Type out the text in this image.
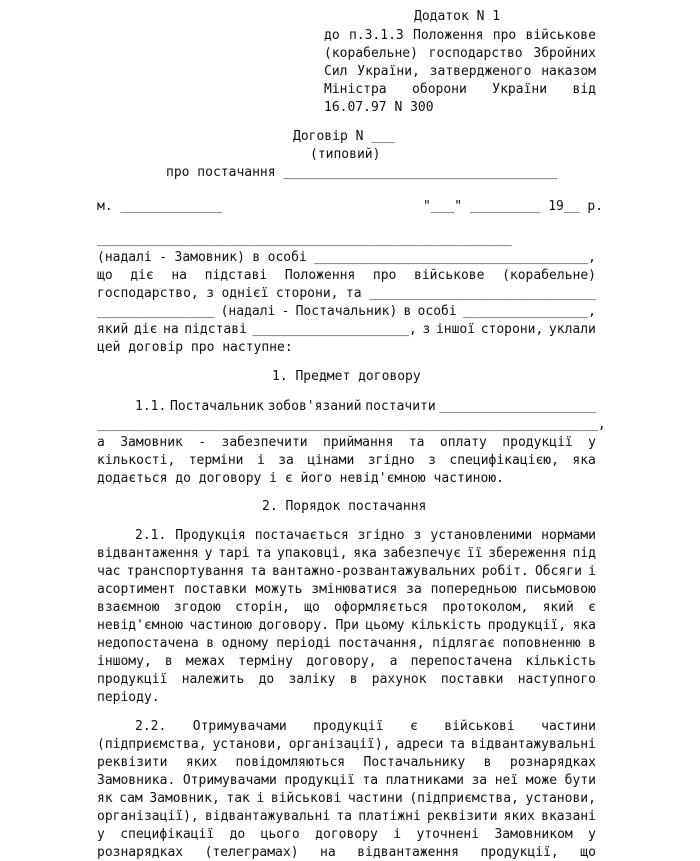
Додаток N 1
до п.3.1.3 Положення про військове
(корабельне) господарство Збройних
Сил України, затвердженого наказом
Міністра оборони України від
16.07.97 N 300
Договір N ___
(типовий)
про постачання ___________________________________
м. _____________	"___" _________ 19__ р.
_____________________________________________________
(надалі - Замовник) в особі ___________________________________,
що діє на підставі Положення про військове (корабельне)
господарство, з однієї сторони, та _____________________________
_______________ (надалі - Постачальник) в особі ________________,
який діє на підставі ____________________, з іншої сторони, уклали
цей договір про наступне:
1. Предмет договору
1.1. Постачальник зобов'язаний постачити ____________________
________________________________________________________________,
а Замовник - забезпечити приймання та оплату продукції у
кількості, терміни і за цінами згідно з специфікацією, яка
додається до договору і є його невід'ємною частиною.
2. Порядок постачання
2.1. Продукція постачається згідно з установленими нормами
відвантаження у тарі та упаковці, яка забезпечує її збереження під
час транспортування та вантажно-розвантажувальних робіт. Обсяги і
асортимент поставки можуть змінюватися за попередньою письмовою
взаємною згодою сторін, що оформляється протоколом, який є
невід'ємною частиною договору. При цьому кількість продукції, яка
недопостачена в одному періоді постачання, підлягає поповненню в
іншому, в межах терміну договору, а перепостачена кількість
продукції належить до заліку в рахунок поставки наступного
періоду.
2.2. Отримувачами продукції є військові частини
(підприємства, установи, організації), адреси та відвантажувальні
реквізити яких повідомляються Постачальнику в рознарядках
Замовника. Отримувачами продукції та платниками за неї може бути
як сам Замовник, так і військові частини (підприємства, устанoви,
організації), відвантажувальні та платіжні реквізити яких вказані
у специфікації до цього договору і уточнені Замовником у
рознарядках (телеграмах) на відвантаження продукції, що
